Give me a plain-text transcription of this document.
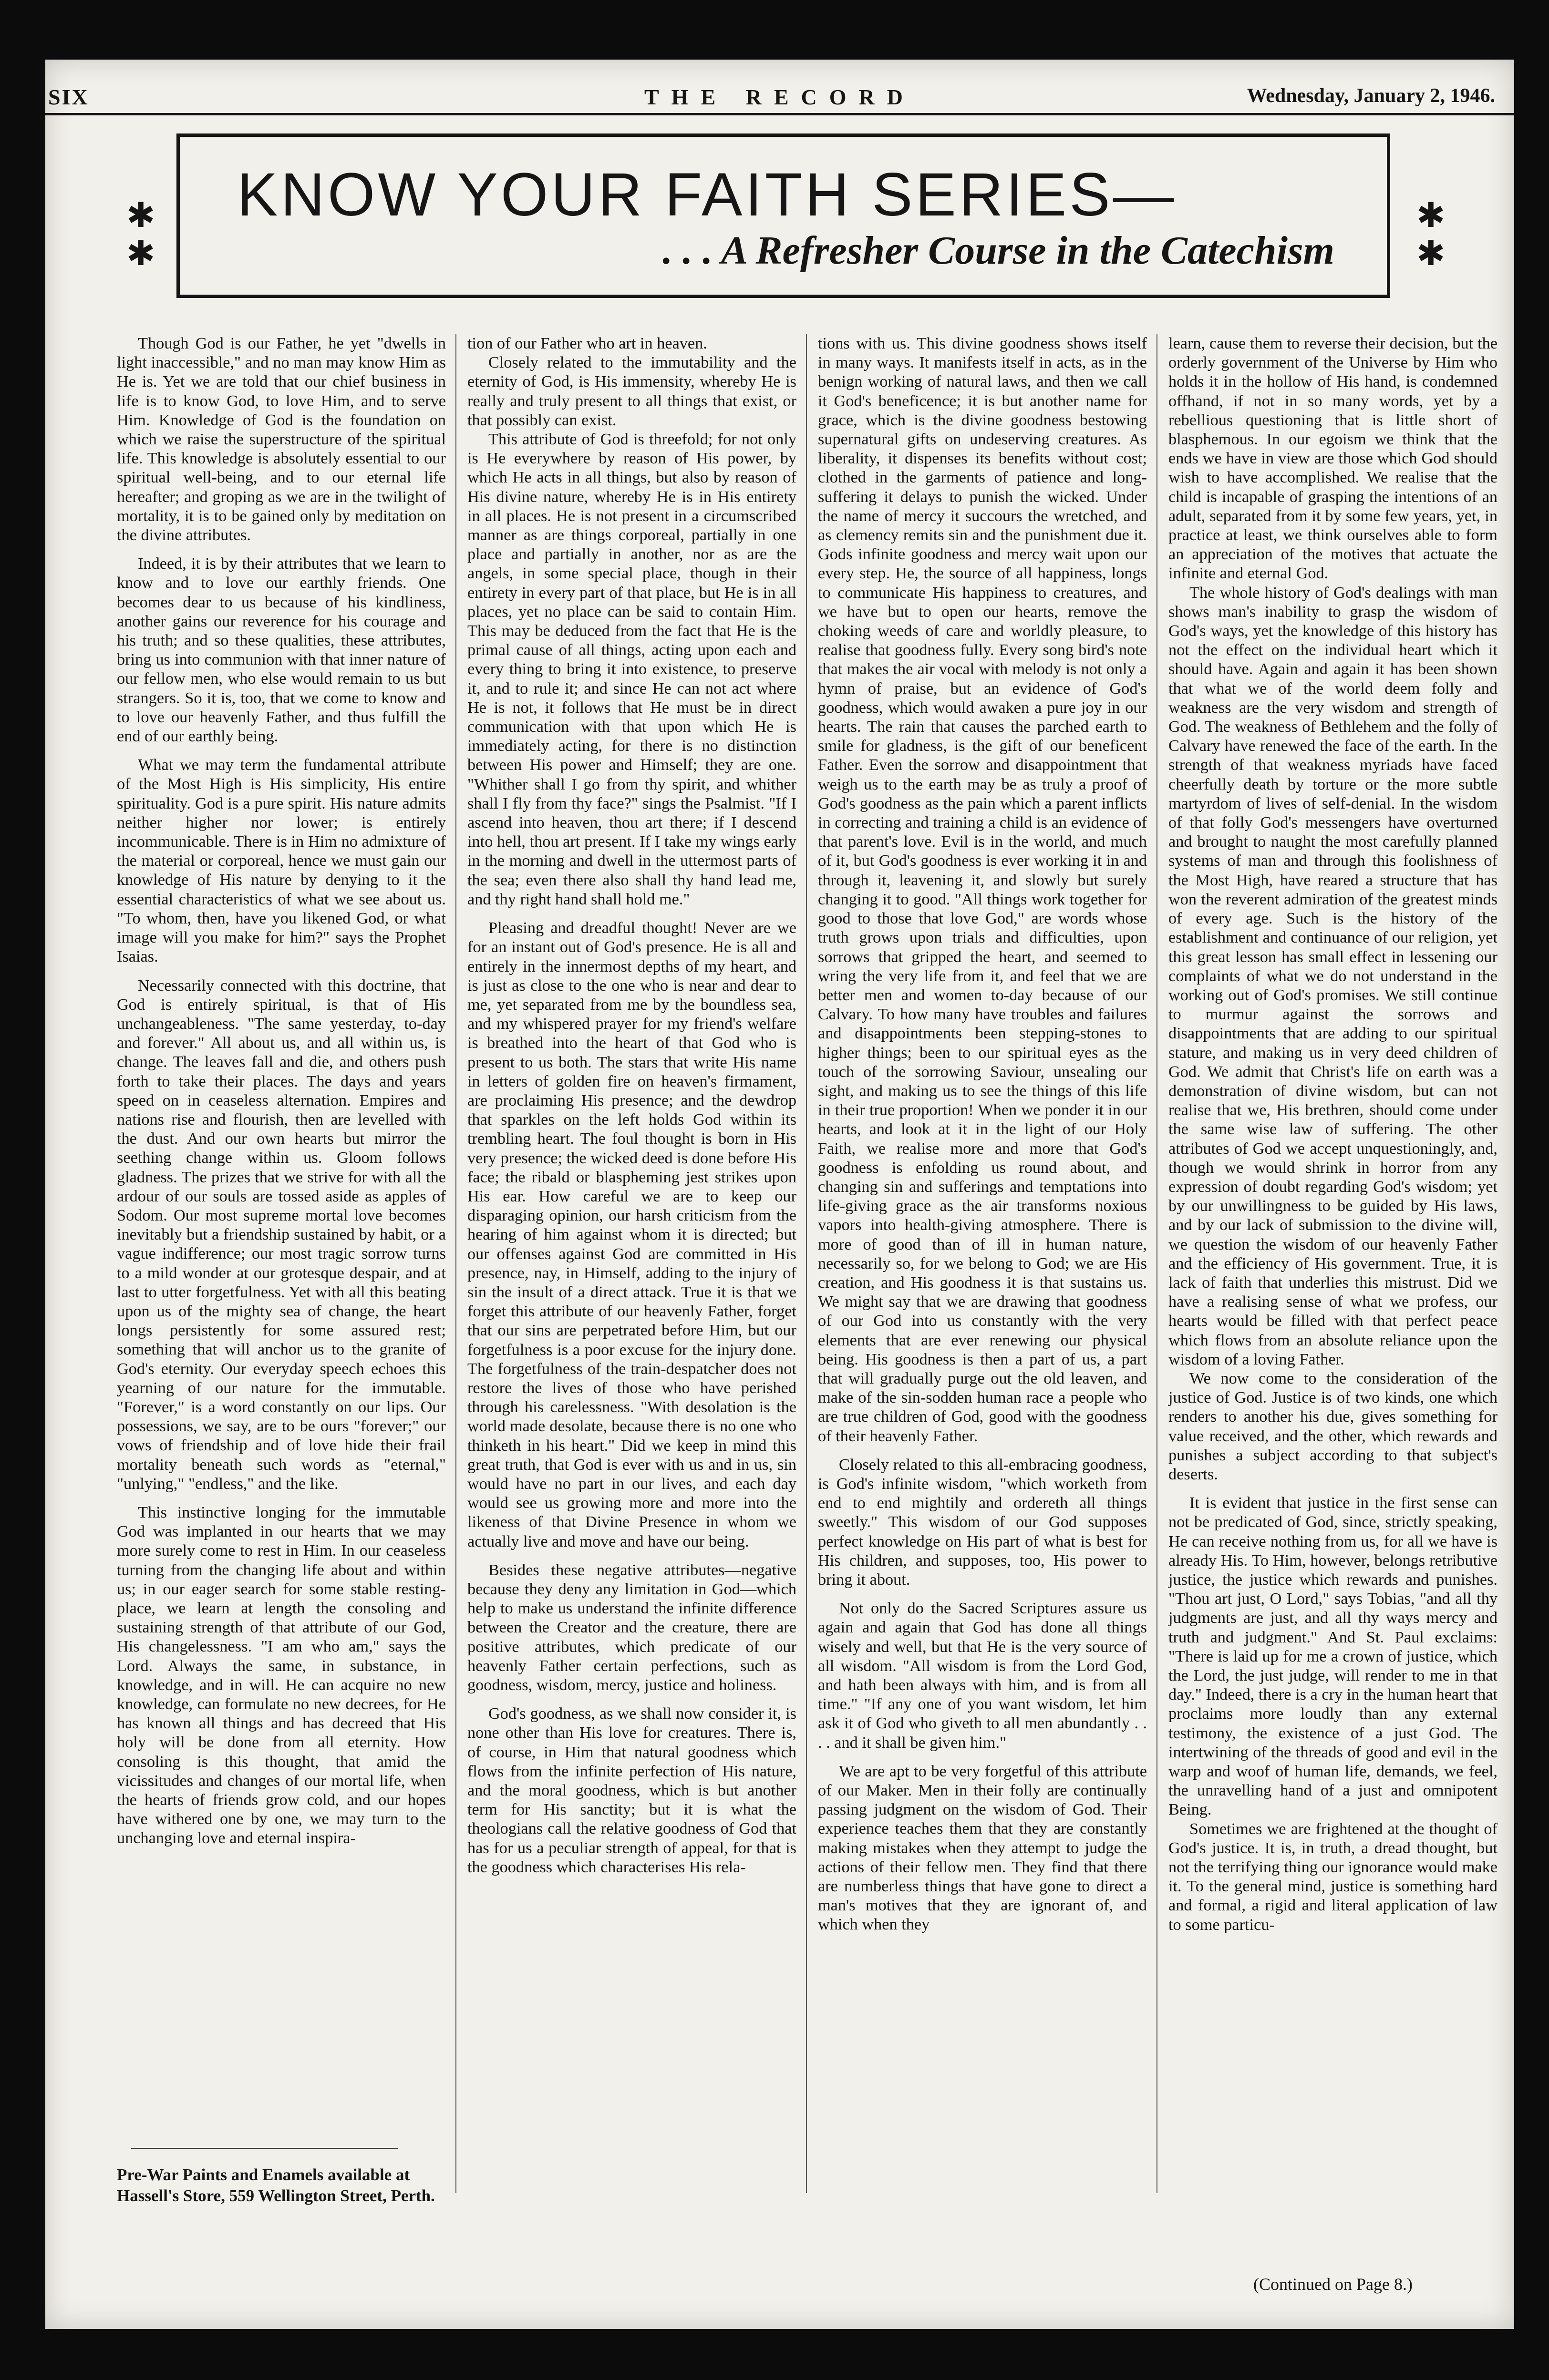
SIX	THE RECORD	Wednesday, January 2, 1946.
✱
✱
✱
✱
KNOW YOUR FAITH SERIES—
. . . A Refresher Course in the Catechism

Though God is our Father, he yet "dwells in light inaccessible," and no man may know Him as He is. Yet we are told that our chief business in life is to know God, to love Him, and to serve Him. Knowledge of God is the foundation on which we raise the superstructure of the spiritual life. This knowledge is absolutely essential to our spiritual well-being, and to our eternal life hereafter; and groping as we are in the twilight of mortality, it is to be gained only by meditation on the divine attributes.

Indeed, it is by their attributes that we learn to know and to love our earthly friends. One becomes dear to us because of his kindliness, another gains our reverence for his courage and his truth; and so these qualities, these attributes, bring us into communion with that inner nature of our fellow men, who else would remain to us but strangers. So it is, too, that we come to know and to love our heavenly Father, and thus fulfill the end of our earthly being.

What we may term the fundamental attribute of the Most High is His simplicity, His entire spirituality. God is a pure spirit. His nature admits neither higher nor lower; is entirely incommunicable. There is in Him no admixture of the material or corporeal, hence we must gain our knowledge of His nature by denying to it the essential characteristics of what we see about us. "To whom, then, have you likened God, or what image will you make for him?" says the Prophet Isaias.

Necessarily connected with this doctrine, that God is entirely spiritual, is that of His unchangeableness. "The same yesterday, to-day and forever." All about us, and all within us, is change. The leaves fall and die, and others push forth to take their places. The days and years speed on in ceaseless alternation. Empires and nations rise and flourish, then are levelled with the dust. And our own hearts but mirror the seething change within us. Gloom follows gladness. The prizes that we strive for with all the ardour of our souls are tossed aside as apples of Sodom. Our most supreme mortal love becomes inevitably but a friendship sustained by habit, or a vague indifference; our most tragic sorrow turns to a mild wonder at our grotesque despair, and at last to utter forgetfulness. Yet with all this beating upon us of the mighty sea of change, the heart longs persistently for some assured rest; something that will anchor us to the granite of God's eternity. Our everyday speech echoes this yearning of our nature for the immutable. "Forever," is a word constantly on our lips. Our possessions, we say, are to be ours "forever;" our vows of friendship and of love hide their frail mortality beneath such words as "eternal," "unlying," "endless," and the like.

This instinctive longing for the immutable God was implanted in our hearts that we may more surely come to rest in Him. In our ceaseless turning from the changing life about and within us; in our eager search for some stable resting-place, we learn at length the consoling and sustaining strength of that attribute of our God, His changelessness. "I am who am," says the Lord. Always the same, in substance, in knowledge, and in will. He can acquire no new knowledge, can formulate no new decrees, for He has known all things and has decreed that His holy will be done from all eternity. How consoling is this thought, that amid the vicissitudes and changes of our mortal life, when the hearts of friends grow cold, and our hopes have withered one by one, we may turn to the unchanging love and eternal inspira-

tion of our Father who art in heaven.

Closely related to the immutability and the eternity of God, is His immensity, whereby He is really and truly present to all things that exist, or that possibly can exist.

This attribute of God is threefold; for not only is He everywhere by reason of His power, by which He acts in all things, but also by reason of His divine nature, whereby He is in His entirety in all places. He is not present in a circumscribed manner as are things corporeal, partially in one place and partially in another, nor as are the angels, in some special place, though in their entirety in every part of that place, but He is in all places, yet no place can be said to contain Him. This may be deduced from the fact that He is the primal cause of all things, acting upon each and every thing to bring it into existence, to preserve it, and to rule it; and since He can not act where He is not, it follows that He must be in direct communication with that upon which He is immediately acting, for there is no distinction between His power and Himself; they are one. "Whither shall I go from thy spirit, and whither shall I fly from thy face?" sings the Psalmist. "If I ascend into heaven, thou art there; if I descend into hell, thou art present. If I take my wings early in the morning and dwell in the uttermost parts of the sea; even there also shall thy hand lead me, and thy right hand shall hold me."

Pleasing and dreadful thought! Never are we for an instant out of God's presence. He is all and entirely in the innermost depths of my heart, and is just as close to the one who is near and dear to me, yet separated from me by the boundless sea, and my whispered prayer for my friend's welfare is breathed into the heart of that God who is present to us both. The stars that write His name in letters of golden fire on heaven's firmament, are proclaiming His presence; and the dewdrop that sparkles on the left holds God within its trembling heart. The foul thought is born in His very presence; the wicked deed is done before His face; the ribald or blaspheming jest strikes upon His ear. How careful we are to keep our disparaging opinion, our harsh criticism from the hearing of him against whom it is directed; but our offenses against God are committed in His presence, nay, in Himself, adding to the injury of sin the insult of a direct attack. True it is that we forget this attribute of our heavenly Father, forget that our sins are perpetrated before Him, but our forgetfulness is a poor excuse for the injury done. The forgetfulness of the train-despatcher does not restore the lives of those who have perished through his carelessness. "With desolation is the world made desolate, because there is no one who thinketh in his heart." Did we keep in mind this great truth, that God is ever with us and in us, sin would have no part in our lives, and each day would see us growing more and more into the likeness of that Divine Presence in whom we actually live and move and have our being.

Besides these negative attributes—negative because they deny any limitation in God—which help to make us understand the infinite difference between the Creator and the creature, there are positive attributes, which predicate of our heavenly Father certain perfections, such as goodness, wisdom, mercy, justice and holiness.

God's goodness, as we shall now consider it, is none other than His love for creatures. There is, of course, in Him that natural goodness which flows from the infinite perfection of His nature, and the moral goodness, which is but another term for His sanctity; but it is what the theologians call the relative goodness of God that has for us a peculiar strength of appeal, for that is the goodness which characterises His rela-

tions with us. This divine goodness shows itself in many ways. It manifests itself in acts, as in the benign working of natural laws, and then we call it God's beneficence; it is but another name for grace, which is the divine goodness bestowing supernatural gifts on undeserving creatures. As liberality, it dispenses its benefits without cost; clothed in the garments of patience and long-suffering it delays to punish the wicked. Under the name of mercy it succours the wretched, and as clemency remits sin and the punishment due it. Gods infinite goodness and mercy wait upon our every step. He, the source of all happiness, longs to communicate His happiness to creatures, and we have but to open our hearts, remove the choking weeds of care and worldly pleasure, to realise that goodness fully. Every song bird's note that makes the air vocal with melody is not only a hymn of praise, but an evidence of God's goodness, which would awaken a pure joy in our hearts. The rain that causes the parched earth to smile for gladness, is the gift of our beneficent Father. Even the sorrow and disappointment that weigh us to the earth may be as truly a proof of God's goodness as the pain which a parent inflicts in correcting and training a child is an evidence of that parent's love. Evil is in the world, and much of it, but God's goodness is ever working it in and through it, leavening it, and slowly but surely changing it to good. "All things work together for good to those that love God," are words whose truth grows upon trials and difficulties, upon sorrows that gripped the heart, and seemed to wring the very life from it, and feel that we are better men and women to-day because of our Calvary. To how many have troubles and failures and disappointments been stepping-stones to higher things; been to our spiritual eyes as the touch of the sorrowing Saviour, unsealing our sight, and making us to see the things of this life in their true proportion! When we ponder it in our hearts, and look at it in the light of our Holy Faith, we realise more and more that God's goodness is enfolding us round about, and changing sin and sufferings and temptations into life-giving grace as the air transforms noxious vapors into health-giving atmosphere. There is more of good than of ill in human nature, necessarily so, for we belong to God; we are His creation, and His goodness it is that sustains us. We might say that we are drawing that goodness of our God into us constantly with the very elements that are ever renewing our physical being. His goodness is then a part of us, a part that will gradually purge out the old leaven, and make of the sin-sodden human race a people who are true children of God, good with the goodness of their heavenly Father.

Closely related to this all-embracing goodness, is God's infinite wisdom, "which worketh from end to end mightily and ordereth all things sweetly." This wisdom of our God supposes perfect knowledge on His part of what is best for His children, and supposes, too, His power to bring it about.

Not only do the Sacred Scriptures assure us again and again that God has done all things wisely and well, but that He is the very source of all wisdom. "All wisdom is from the Lord God, and hath been always with him, and is from all time." "If any one of you want wisdom, let him ask it of God who giveth to all men abundantly . . . . and it shall be given him."

We are apt to be very forgetful of this attribute of our Maker. Men in their folly are continually passing judgment on the wisdom of God. Their experience teaches them that they are constantly making mistakes when they attempt to judge the actions of their fellow men. They find that there are numberless things that have gone to direct a man's motives that they are ignorant of, and which when they

learn, cause them to reverse their decision, but the orderly government of the Universe by Him who holds it in the hollow of His hand, is condemned offhand, if not in so many words, yet by a rebellious questioning that is little short of blasphemous. In our egoism we think that the ends we have in view are those which God should wish to have accomplished. We realise that the child is incapable of grasping the intentions of an adult, separated from it by some few years, yet, in practice at least, we think ourselves able to form an appreciation of the motives that actuate the infinite and eternal God.

The whole history of God's dealings with man shows man's inability to grasp the wisdom of God's ways, yet the knowledge of this history has not the effect on the individual heart which it should have. Again and again it has been shown that what we of the world deem folly and weakness are the very wisdom and strength of God. The weakness of Bethlehem and the folly of Calvary have renewed the face of the earth. In the strength of that weakness myriads have faced cheerfully death by torture or the more subtle martyrdom of lives of self-denial. In the wisdom of that folly God's messengers have overturned and brought to naught the most carefully planned systems of man and through this foolishness of the Most High, have reared a structure that has won the reverent admiration of the greatest minds of every age. Such is the history of the establishment and continuance of our religion, yet this great lesson has small effect in lessening our complaints of what we do not understand in the working out of God's promises. We still continue to murmur against the sorrows and disappointments that are adding to our spiritual stature, and making us in very deed children of God. We admit that Christ's life on earth was a demonstration of divine wisdom, but can not realise that we, His brethren, should come under the same wise law of suffering. The other attributes of God we accept unquestioningly, and, though we would shrink in horror from any expression of doubt regarding God's wisdom; yet by our unwillingness to be guided by His laws, and by our lack of submission to the divine will, we question the wisdom of our heavenly Father and the efficiency of His government. True, it is lack of faith that underlies this mistrust. Did we have a realising sense of what we profess, our hearts would be filled with that perfect peace which flows from an absolute reliance upon the wisdom of a loving Father.

We now come to the consideration of the justice of God. Justice is of two kinds, one which renders to another his due, gives something for value received, and the other, which rewards and punishes a subject according to that subject's deserts.

It is evident that justice in the first sense can not be predicated of God, since, strictly speaking, He can receive nothing from us, for all we have is already His. To Him, however, belongs retributive justice, the justice which rewards and punishes. "Thou art just, O Lord," says Tobias, "and all thy judgments are just, and all thy ways mercy and truth and judgment." And St. Paul exclaims: "There is laid up for me a crown of justice, which the Lord, the just judge, will render to me in that day." Indeed, there is a cry in the human heart that proclaims more loudly than any external testimony, the existence of a just God. The intertwining of the threads of good and evil in the warp and woof of human life, demands, we feel, the unravelling hand of a just and omnipotent Being.

Sometimes we are frightened at the thought of God's justice. It is, in truth, a dread thought, but not the terrifying thing our ignorance would make it. To the general mind, justice is something hard and formal, a rigid and literal application of law to some particu-

Pre-War Paints and Enamels available at Hassell's Store, 559 Wellington Street, Perth.
(Continued on Page 8.)
